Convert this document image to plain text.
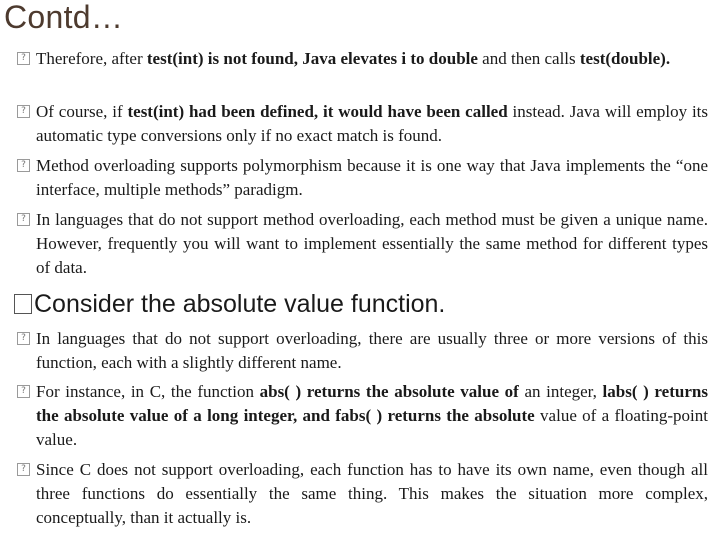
Contd…
? Therefore, after test(int) is not found, Java elevates i to double and then calls test(double).
? Of course, if test(int) had been defined, it would have been called instead. Java will employ its automatic type conversions only if no exact match is found.
? Method overloading supports polymorphism because it is one way that Java implements the “one interface, multiple methods” paradigm.
? In languages that do not support method overloading, each method must be given a unique name. However, frequently you will want to implement essentially the same method for different types of data.
Consider the absolute value function.
? In languages that do not support overloading, there are usually three or more versions of this function, each with a slightly different name.
? For instance, in C, the function abs( ) returns the absolute value of an integer, labs( ) returns the absolute value of a long integer, and fabs( ) returns the absolute value of a floating-point value.
? Since C does not support overloading, each function has to have its own name, even though all three functions do essentially the same thing. This makes the situation more complex, conceptually, than it actually is.
